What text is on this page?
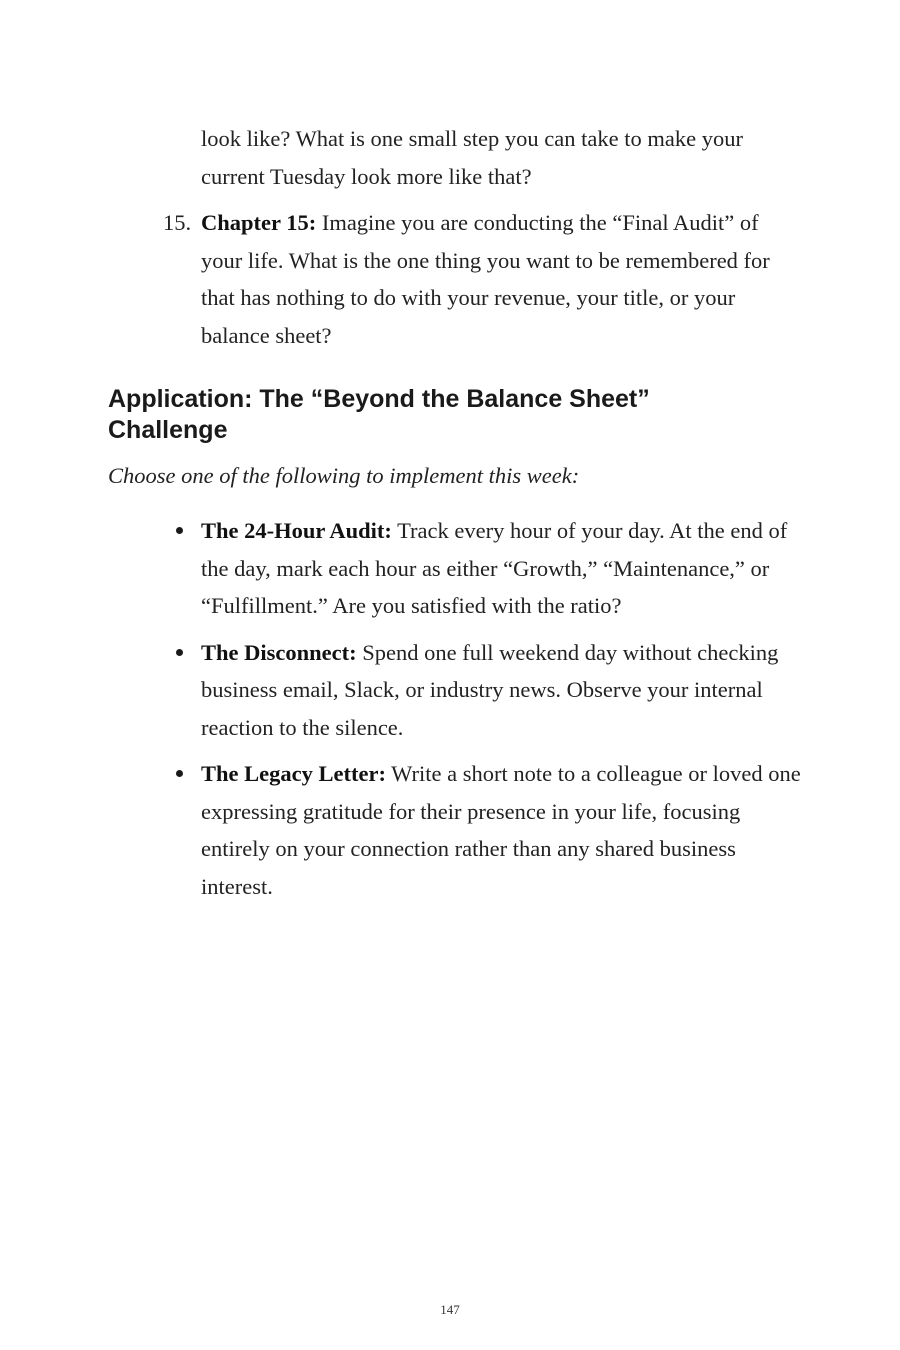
look like? What is one small step you can take to make your current Tuesday look more like that?

15. Chapter 15: Imagine you are conducting the “Final Audit” of your life. What is the one thing you want to be remembered for that has nothing to do with your revenue, your title, or your balance sheet?

Application: The “Beyond the Balance Sheet” Challenge

Choose one of the following to implement this week:

The 24-Hour Audit: Track every hour of your day. At the end of the day, mark each hour as either “Growth,” “Maintenance,” or “Fulfillment.” Are you satisfied with the ratio?
The Disconnect: Spend one full weekend day without checking business email, Slack, or industry news. Observe your internal reaction to the silence.
The Legacy Letter: Write a short note to a colleague or loved one expressing gratitude for their presence in your life, focusing entirely on your connection rather than any shared business interest.
147
